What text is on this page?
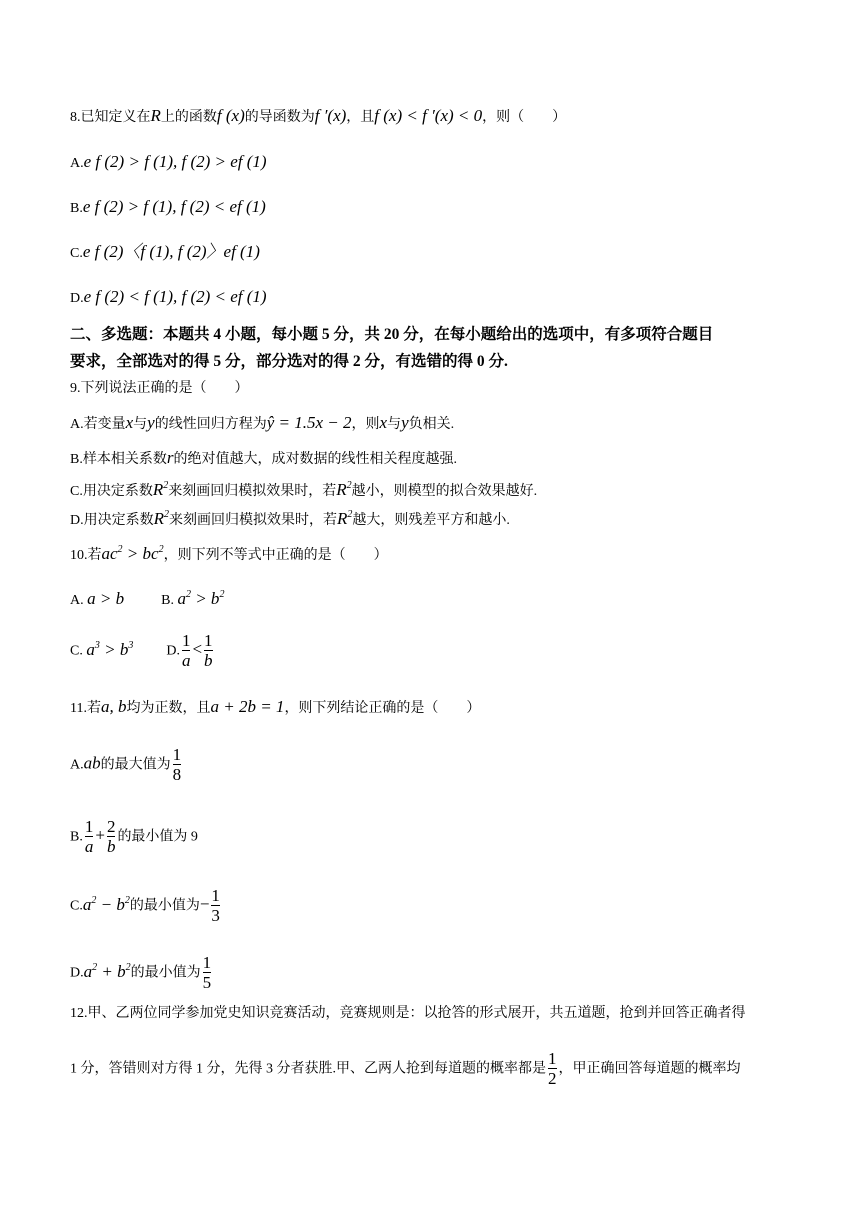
8.已知定义在R上的函数f (x)的导函数为f ′(x)，且f (x) < f ′(x) < 0，则（　　）
A.e f (2) > f (1), f (2) > ef (1)
B.e f (2) > f (1), f (2) < ef (1)
C.e f (2)〈f (1), f (2)〉ef (1)
D.e f (2) < f (1), f (2) < ef (1)
二、多选题：本题共 4 小题，每小题 5 分，共 20 分，在每小题给出的选项中，有多项符合题目
要求，全部选对的得 5 分，部分选对的得 2 分，有选错的得 0 分.
9.下列说法正确的是（　　）
A.若变量x与y的线性回归方程为ŷ = 1.5x − 2，则x与y负相关.
B.样本相关系数r的绝对值越大，成对数据的线性相关程度越强.
C.用决定系数$R^2$来刻画回归模拟效果时，若$R^2$越小，则模型的拟合效果越好.
D.用决定系数$R^2$来刻画回归模拟效果时，若$R^2$越大，则残差平方和越小.
10.若$ac^2 > bc^2$，则下列不等式中正确的是（　　）
A. a > b	B. $a^2 > b^2$
C. $a^3 > b^3$ D. $\frac{1}{a} < \frac{1}{b}$
11.若a, b均为正数，且a + 2b = 1，则下列结论正确的是（　　）
A.ab的最大值为 $\frac{1}{8}$
B. $\frac{1}{a} + \frac{2}{b}$ 的最小值为 9
$C.a^2 - b^2$的最小值为− $\frac{1}{3}$
$D.a^2 + b^2$的最小值为 $\frac{1}{5}$
12.甲、乙两位同学参加党史知识竞赛活动，竞赛规则是：以抢答的形式展开，共五道题，抢到并回答正确者得
1 分，答错则对方得 1 分，先得 3 分者获胜.甲、乙两人抢到每道题的概率都是 $\frac{1}{2}$ ，甲正确回答每道题的概率均
